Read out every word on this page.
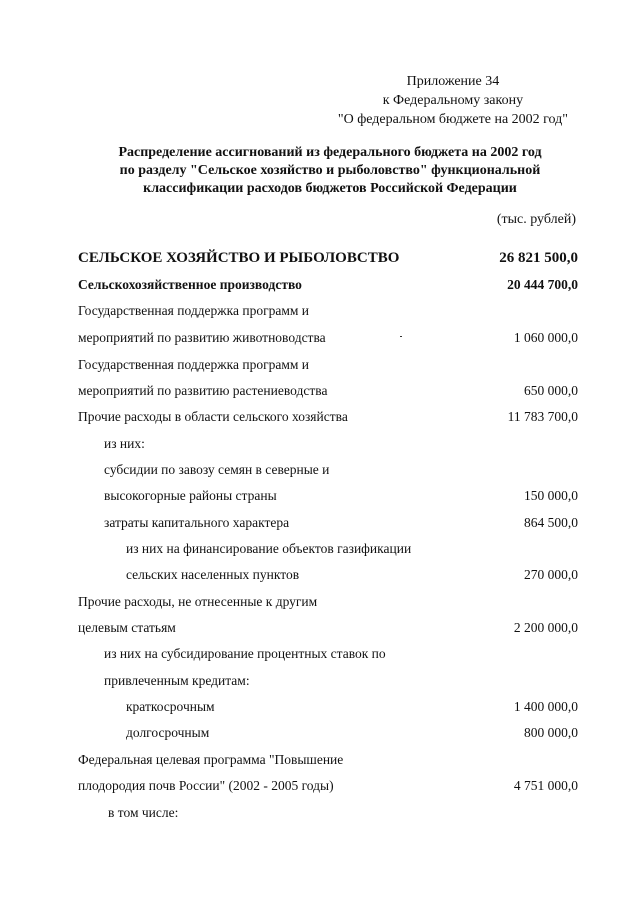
Приложение 34
к Федеральному закону
"О федеральном бюджете на 2002 год"
Распределение ассигнований из федерального бюджета на 2002 год
по разделу "Сельское хозяйство и рыболовство" функциональной
классификации расходов бюджетов Российской Федерации
(тыс. рублей)
СЕЛЬСКОЕ ХОЗЯЙСТВО И РЫБОЛОВСТВО	26 821 500,0
Сельскохозяйственное производство	20 444 700,0
Государственная поддержка программ и
мероприятий по развитию животноводства	1 060 000,0
Государственная поддержка программ и
мероприятий по развитию растениеводства	650 000,0
Прочие расходы в области сельского хозяйства	11 783 700,0
из них:
субсидии по завозу семян в северные и
высокогорные районы страны	150 000,0
затраты капитального характера	864 500,0
из них на финансирование объектов газификации
сельских населенных пунктов	270 000,0
Прочие расходы, не отнесенные к другим
целевым статьям	2 200 000,0
из них на субсидирование процентных ставок по
привлеченным кредитам:
краткосрочным	1 400 000,0
долгосрочным	800 000,0
Федеральная целевая программа "Повышение
плодородия почв России" (2002 - 2005 годы)	4 751 000,0
в том числе:
